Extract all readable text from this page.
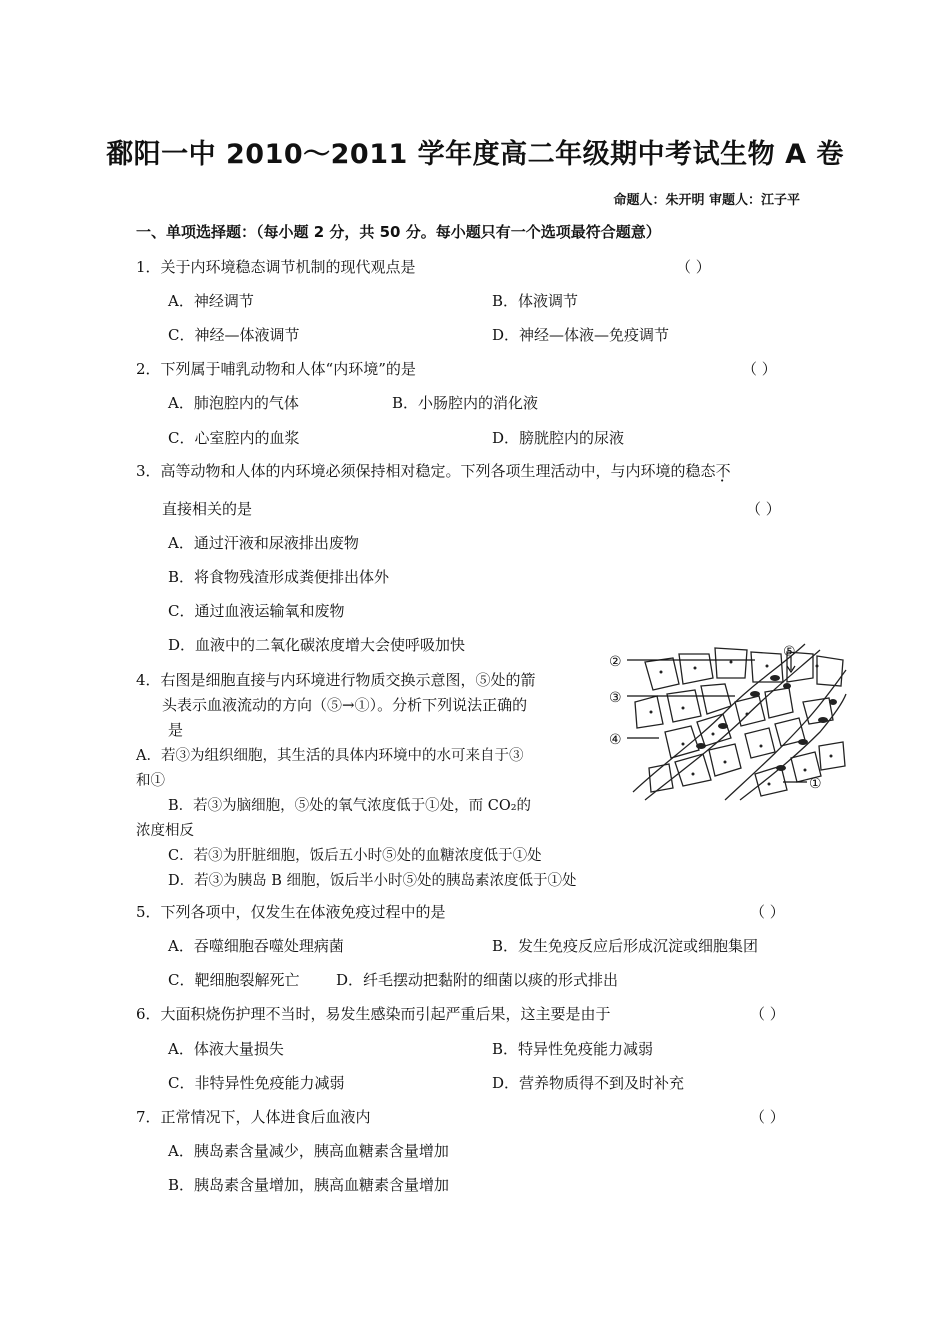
鄱阳一中 2010～2011 学年度高二年级期中考试生物 A 卷
命题人：朱开明 审题人：江子平
一、单项选择题：（每小题 2 分，共 50 分。每小题只有一个选项最符合题意）
1．关于内环境稳态调节机制的现代观点是	（ ）
A．神经调节	B．体液调节
C．神经—体液调节	D．神经—体液—免疫调节
2．下列属于哺乳动物和人体“内环境”的是	（ ）
A．肺泡腔内的气体	B．小肠腔内的消化液
C．心室腔内的血浆	D．膀胱腔内的尿液
3．高等动物和人体的内环境必须保持相对稳定。下列各项生理活动中，与内环境的稳态不
直接相关的是	（ ）
A．通过汗液和尿液排出废物
B．将食物残渣形成粪便排出体外
C．通过血液运输氧和废物
D．血液中的二氧化碳浓度增大会使呼吸加快
4．右图是细胞直接与内环境进行物质交换示意图，⑤处的箭
头表示血液流动的方向（⑤→①）。分析下列说法正确的
是
A．若③为组织细胞，其生活的具体内环境中的水可来自于③
和①
B．若③为脑细胞，⑤处的氧气浓度低于①处，而 CO₂的
浓度相反
C．若③为肝脏细胞，饭后五小时⑤处的血糖浓度低于①处
D．若③为胰岛 B 细胞，饭后半小时⑤处的胰岛素浓度低于①处
②
③
④
⑤
①
5．下列各项中，仅发生在体液免疫过程中的是	（ ）
A．吞噬细胞吞噬处理病菌	B．发生免疫反应后形成沉淀或细胞集团
C．靶细胞裂解死亡 D．纤毛摆动把黏附的细菌以痰的形式排出
6．大面积烧伤护理不当时，易发生感染而引起严重后果，这主要是由于	（ ）
A．体液大量损失	B．特异性免疫能力减弱
C．非特异性免疫能力减弱	D．营养物质得不到及时补充
7．正常情况下，人体进食后血液内	（ ）
A．胰岛素含量减少，胰高血糖素含量增加
B．胰岛素含量增加，胰高血糖素含量增加
